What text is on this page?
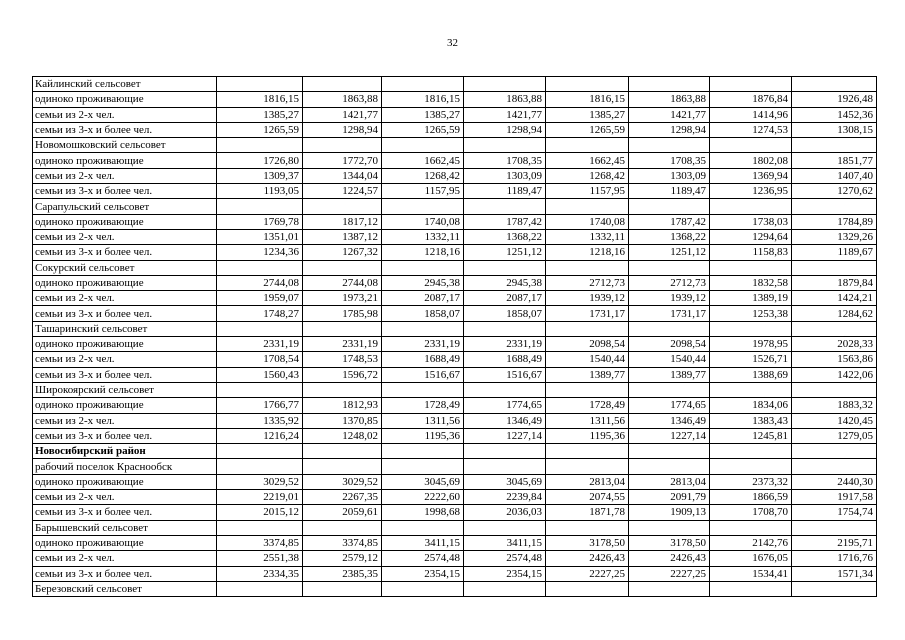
32
Кайлинский сельсовет								
одиноко проживающие	1816,15	1863,88	1816,15	1863,88	1816,15	1863,88	1876,84	1926,48
семьи из 2-х чел.	1385,27	1421,77	1385,27	1421,77	1385,27	1421,77	1414,96	1452,36
семьи из 3-х и более чел.	1265,59	1298,94	1265,59	1298,94	1265,59	1298,94	1274,53	1308,15
Новомошковский сельсовет								
одиноко проживающие	1726,80	1772,70	1662,45	1708,35	1662,45	1708,35	1802,08	1851,77
семьи из 2-х чел.	1309,37	1344,04	1268,42	1303,09	1268,42	1303,09	1369,94	1407,40
семьи из 3-х и более чел.	1193,05	1224,57	1157,95	1189,47	1157,95	1189,47	1236,95	1270,62
Сарапульский сельсовет								
одиноко проживающие	1769,78	1817,12	1740,08	1787,42	1740,08	1787,42	1738,03	1784,89
семьи из 2-х чел.	1351,01	1387,12	1332,11	1368,22	1332,11	1368,22	1294,64	1329,26
семьи из 3-х и более чел.	1234,36	1267,32	1218,16	1251,12	1218,16	1251,12	1158,83	1189,67
Сокурский сельсовет								
одиноко проживающие	2744,08	2744,08	2945,38	2945,38	2712,73	2712,73	1832,58	1879,84
семьи из 2-х чел.	1959,07	1973,21	2087,17	2087,17	1939,12	1939,12	1389,19	1424,21
семьи из 3-х и более чел.	1748,27	1785,98	1858,07	1858,07	1731,17	1731,17	1253,38	1284,62
Ташаринский сельсовет								
одиноко проживающие	2331,19	2331,19	2331,19	2331,19	2098,54	2098,54	1978,95	2028,33
семьи из 2-х чел.	1708,54	1748,53	1688,49	1688,49	1540,44	1540,44	1526,71	1563,86
семьи из 3-х и более чел.	1560,43	1596,72	1516,67	1516,67	1389,77	1389,77	1388,69	1422,06
Широкоярский сельсовет								
одиноко проживающие	1766,77	1812,93	1728,49	1774,65	1728,49	1774,65	1834,06	1883,32
семьи из 2-х чел.	1335,92	1370,85	1311,56	1346,49	1311,56	1346,49	1383,43	1420,45
семьи из 3-х и более чел.	1216,24	1248,02	1195,36	1227,14	1195,36	1227,14	1245,81	1279,05
Новосибирский район								
рабочий поселок Краснообск								
одиноко проживающие	3029,52	3029,52	3045,69	3045,69	2813,04	2813,04	2373,32	2440,30
семьи из 2-х чел.	2219,01	2267,35	2222,60	2239,84	2074,55	2091,79	1866,59	1917,58
семьи из 3-х и более чел.	2015,12	2059,61	1998,68	2036,03	1871,78	1909,13	1708,70	1754,74
Барышевский сельсовет								
одиноко проживающие	3374,85	3374,85	3411,15	3411,15	3178,50	3178,50	2142,76	2195,71
семьи из 2-х чел.	2551,38	2579,12	2574,48	2574,48	2426,43	2426,43	1676,05	1716,76
семьи из 3-х и более чел.	2334,35	2385,35	2354,15	2354,15	2227,25	2227,25	1534,41	1571,34
Березовский сельсовет								
